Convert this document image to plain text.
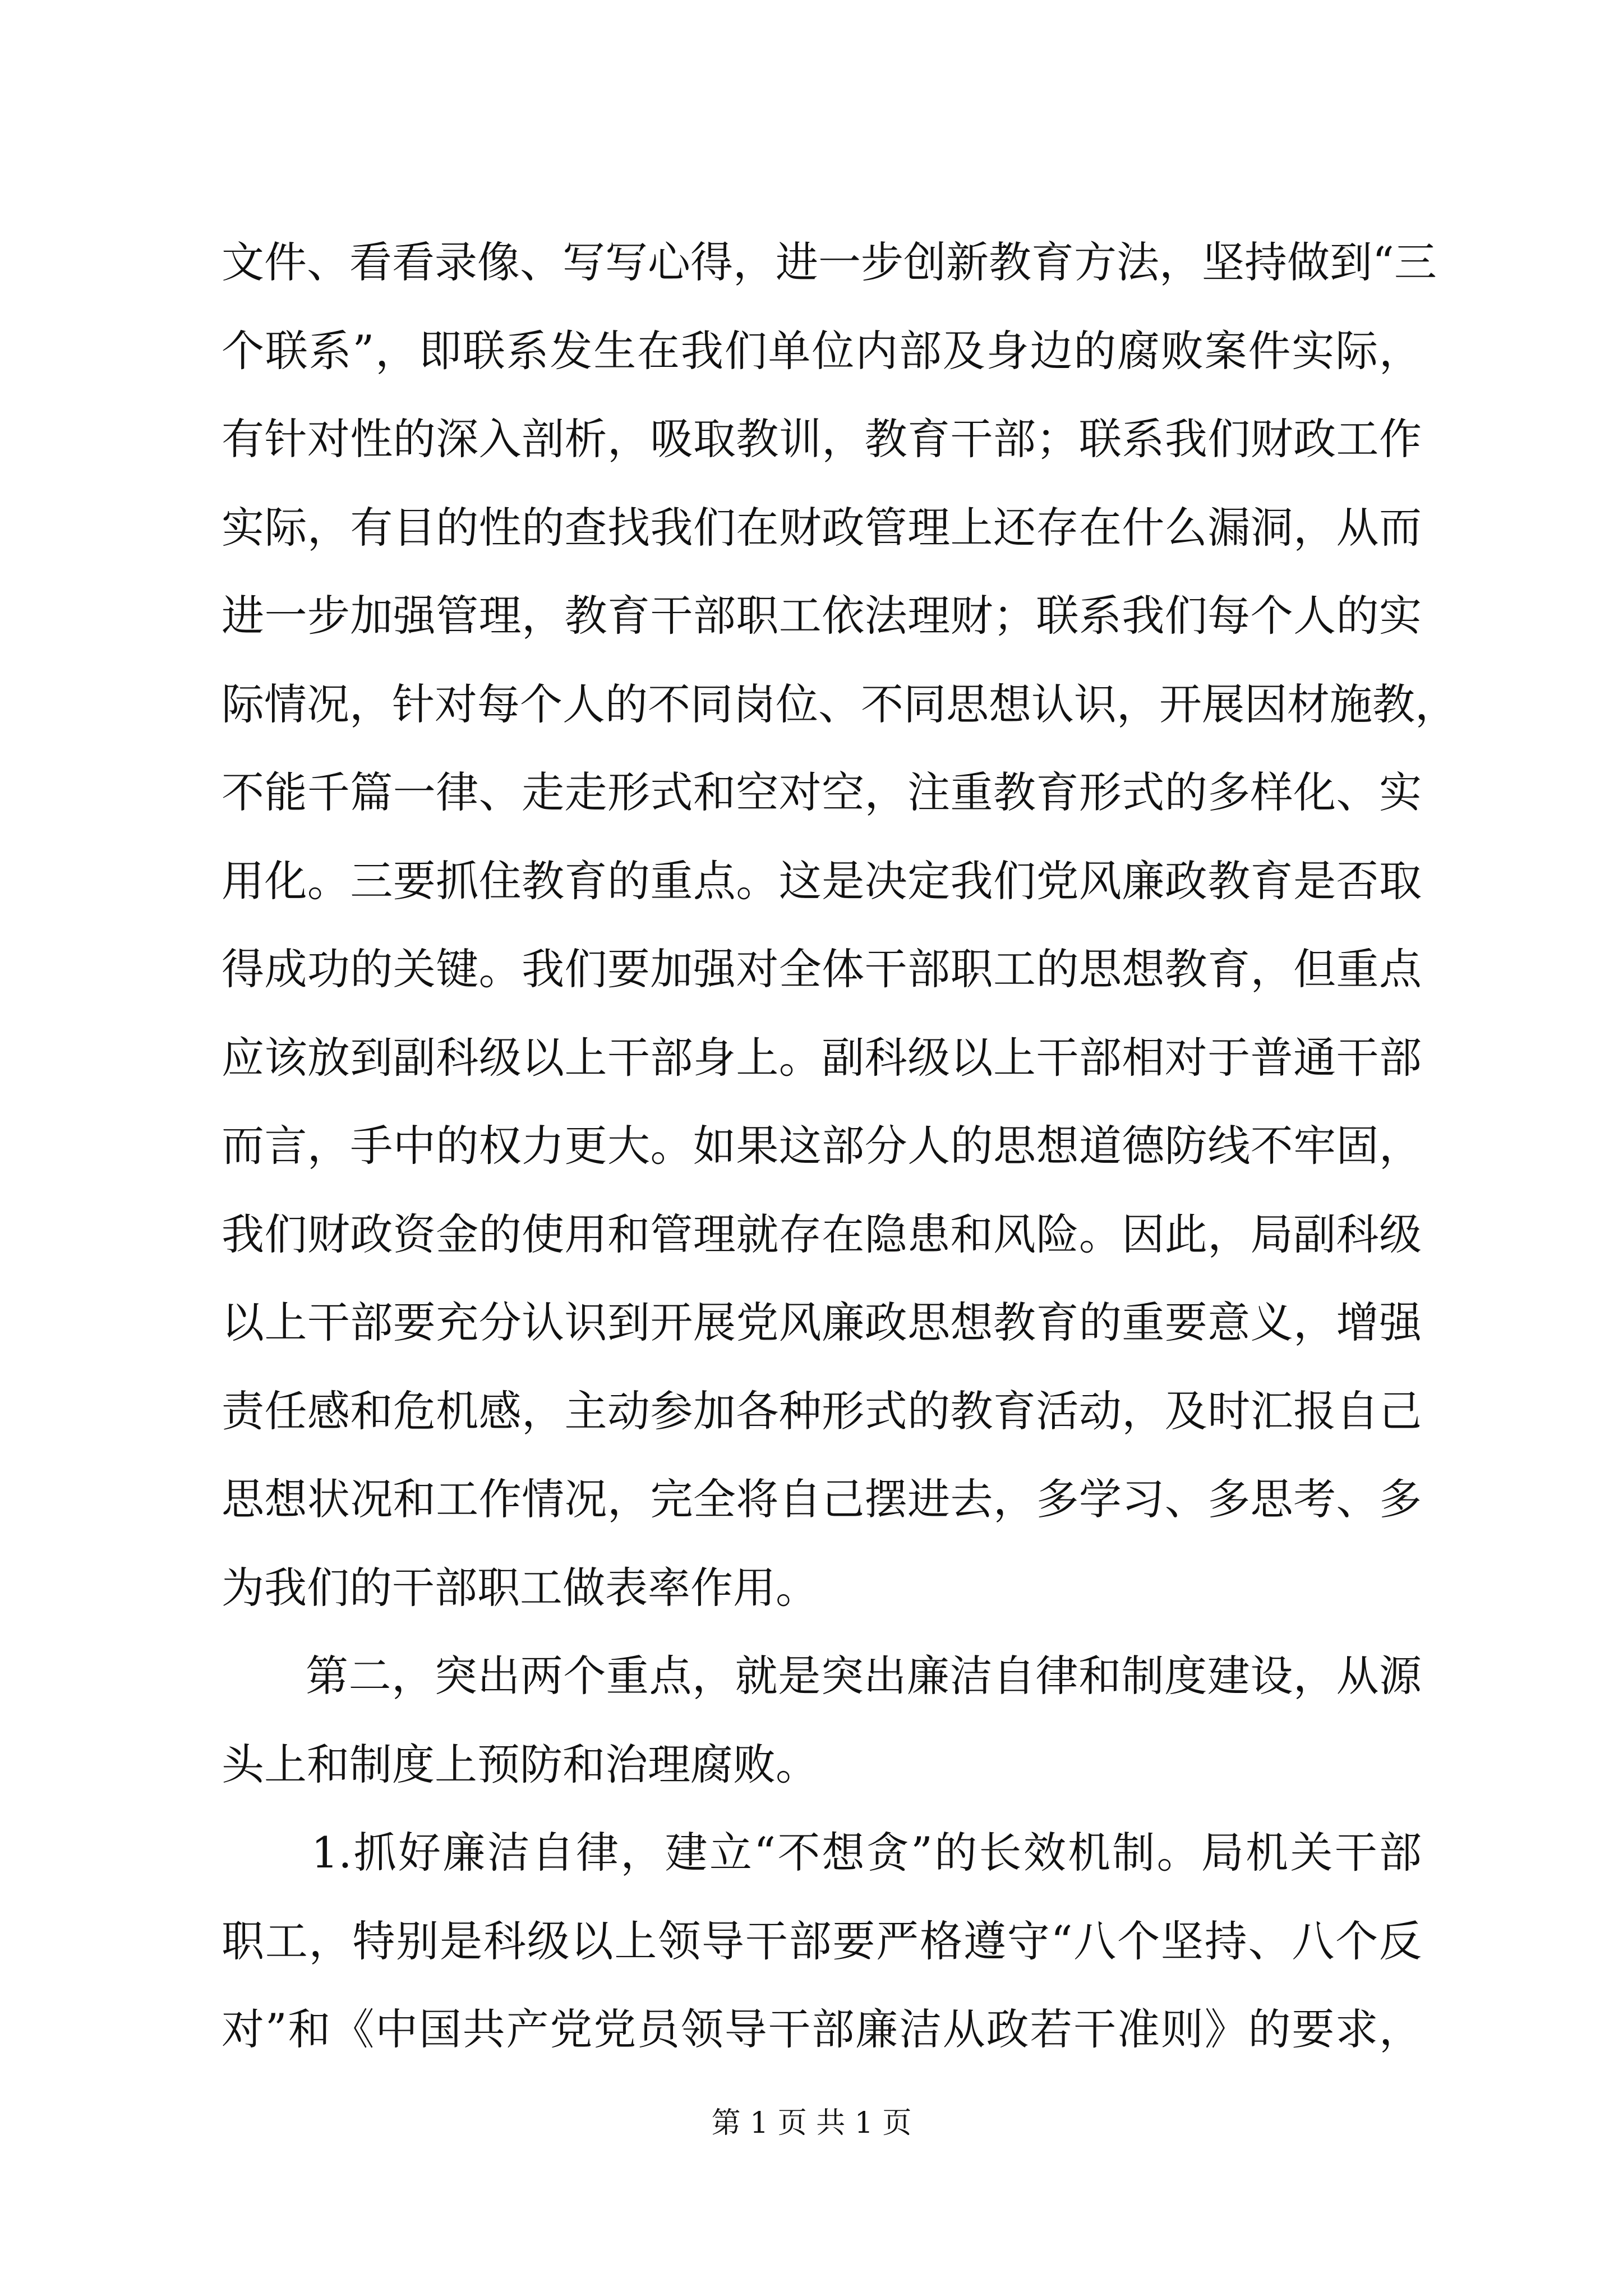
文件、看看录像、写写心得，进一步创新教育方法，坚持做到“三
个联系”，即联系发生在我们单位内部及身边的腐败案件实际，
有针对性的深入剖析，吸取教训，教育干部；联系我们财政工作
实际，有目的性的查找我们在财政管理上还存在什么漏洞，从而
进一步加强管理，教育干部职工依法理财；联系我们每个人的实
际情况，针对每个人的不同岗位、不同思想认识，开展因材施教，
不能千篇一律、走走形式和空对空，注重教育形式的多样化、实
用化。三要抓住教育的重点。这是决定我们党风廉政教育是否取
得成功的关键。我们要加强对全体干部职工的思想教育，但重点
应该放到副科级以上干部身上。副科级以上干部相对于普通干部
而言，手中的权力更大。如果这部分人的思想道德防线不牢固，
我们财政资金的使用和管理就存在隐患和风险。因此，局副科级
以上干部要充分认识到开展党风廉政思想教育的重要意义，增强
责任感和危机感，主动参加各种形式的教育活动，及时汇报自己
思想状况和工作情况，完全将自己摆进去，多学习、多思考、多
为我们的干部职工做表率作用。
第二，突出两个重点，就是突出廉洁自律和制度建设，从源
头上和制度上预防和治理腐败。
1.抓好廉洁自律，建立“不想贪”的长效机制。局机关干部
职工，特别是科级以上领导干部要严格遵守“八个坚持、八个反
对”和《中国共产党党员领导干部廉洁从政若干准则》的要求，
第 1 页 共 1 页
